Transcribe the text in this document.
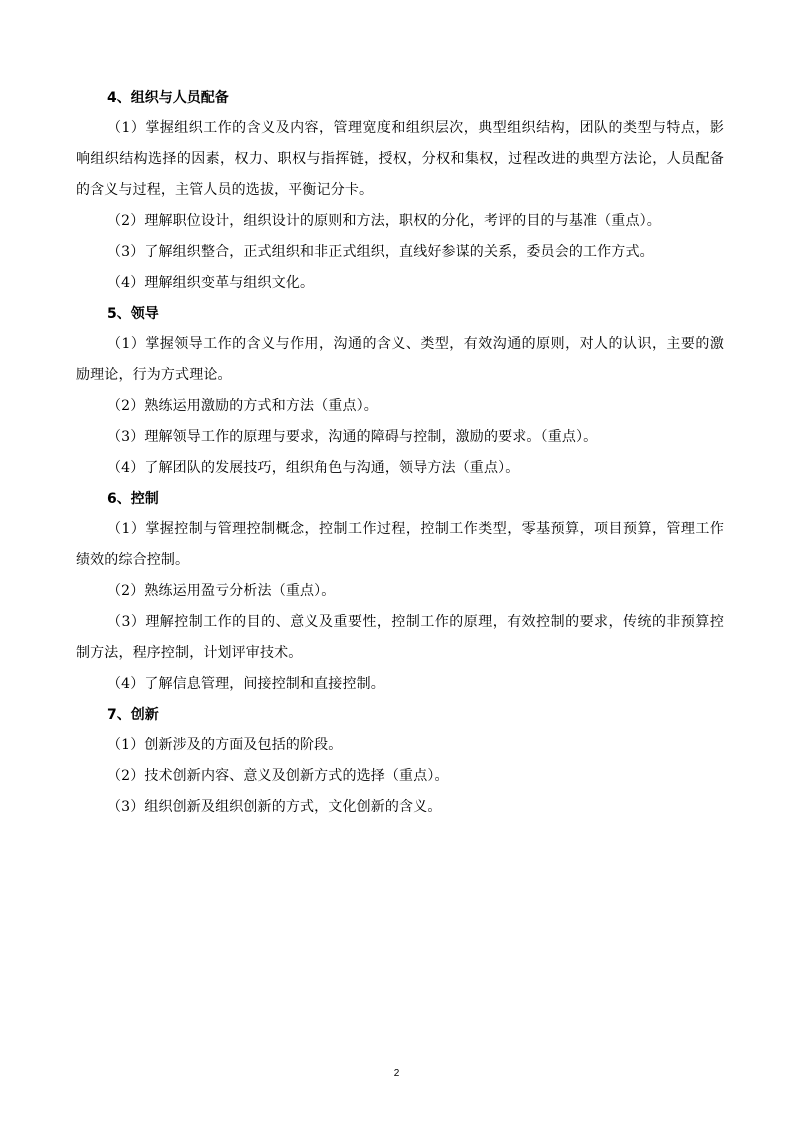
4、组织与人员配备

（1）掌握组织工作的含义及内容，管理宽度和组织层次，典型组织结构，团队的类型与特点，影响组织结构选择的因素，权力、职权与指挥链，授权，分权和集权，过程改进的典型方法论，人员配备的含义与过程，主管人员的选拔，平衡记分卡。

（2）理解职位设计，组织设计的原则和方法，职权的分化，考评的目的与基准（重点）。

（3）了解组织整合，正式组织和非正式组织，直线好参谋的关系，委员会的工作方式。

（4）理解组织变革与组织文化。

5、领导

（1）掌握领导工作的含义与作用，沟通的含义、类型，有效沟通的原则，对人的认识，主要的激励理论，行为方式理论。

（2）熟练运用激励的方式和方法（重点）。

（3）理解领导工作的原理与要求，沟通的障碍与控制，激励的要求。（重点）。

（4）了解团队的发展技巧，组织角色与沟通，领导方法（重点）。

6、控制

（1）掌握控制与管理控制概念，控制工作过程，控制工作类型，零基预算，项目预算，管理工作绩效的综合控制。

（2）熟练运用盈亏分析法（重点）。

（3）理解控制工作的目的、意义及重要性，控制工作的原理，有效控制的要求，传统的非预算控制方法，程序控制，计划评审技术。

（4）了解信息管理，间接控制和直接控制。

7、创新

（1）创新涉及的方面及包括的阶段。

（2）技术创新内容、意义及创新方式的选择（重点）。

（3）组织创新及组织创新的方式，文化创新的含义。

2
